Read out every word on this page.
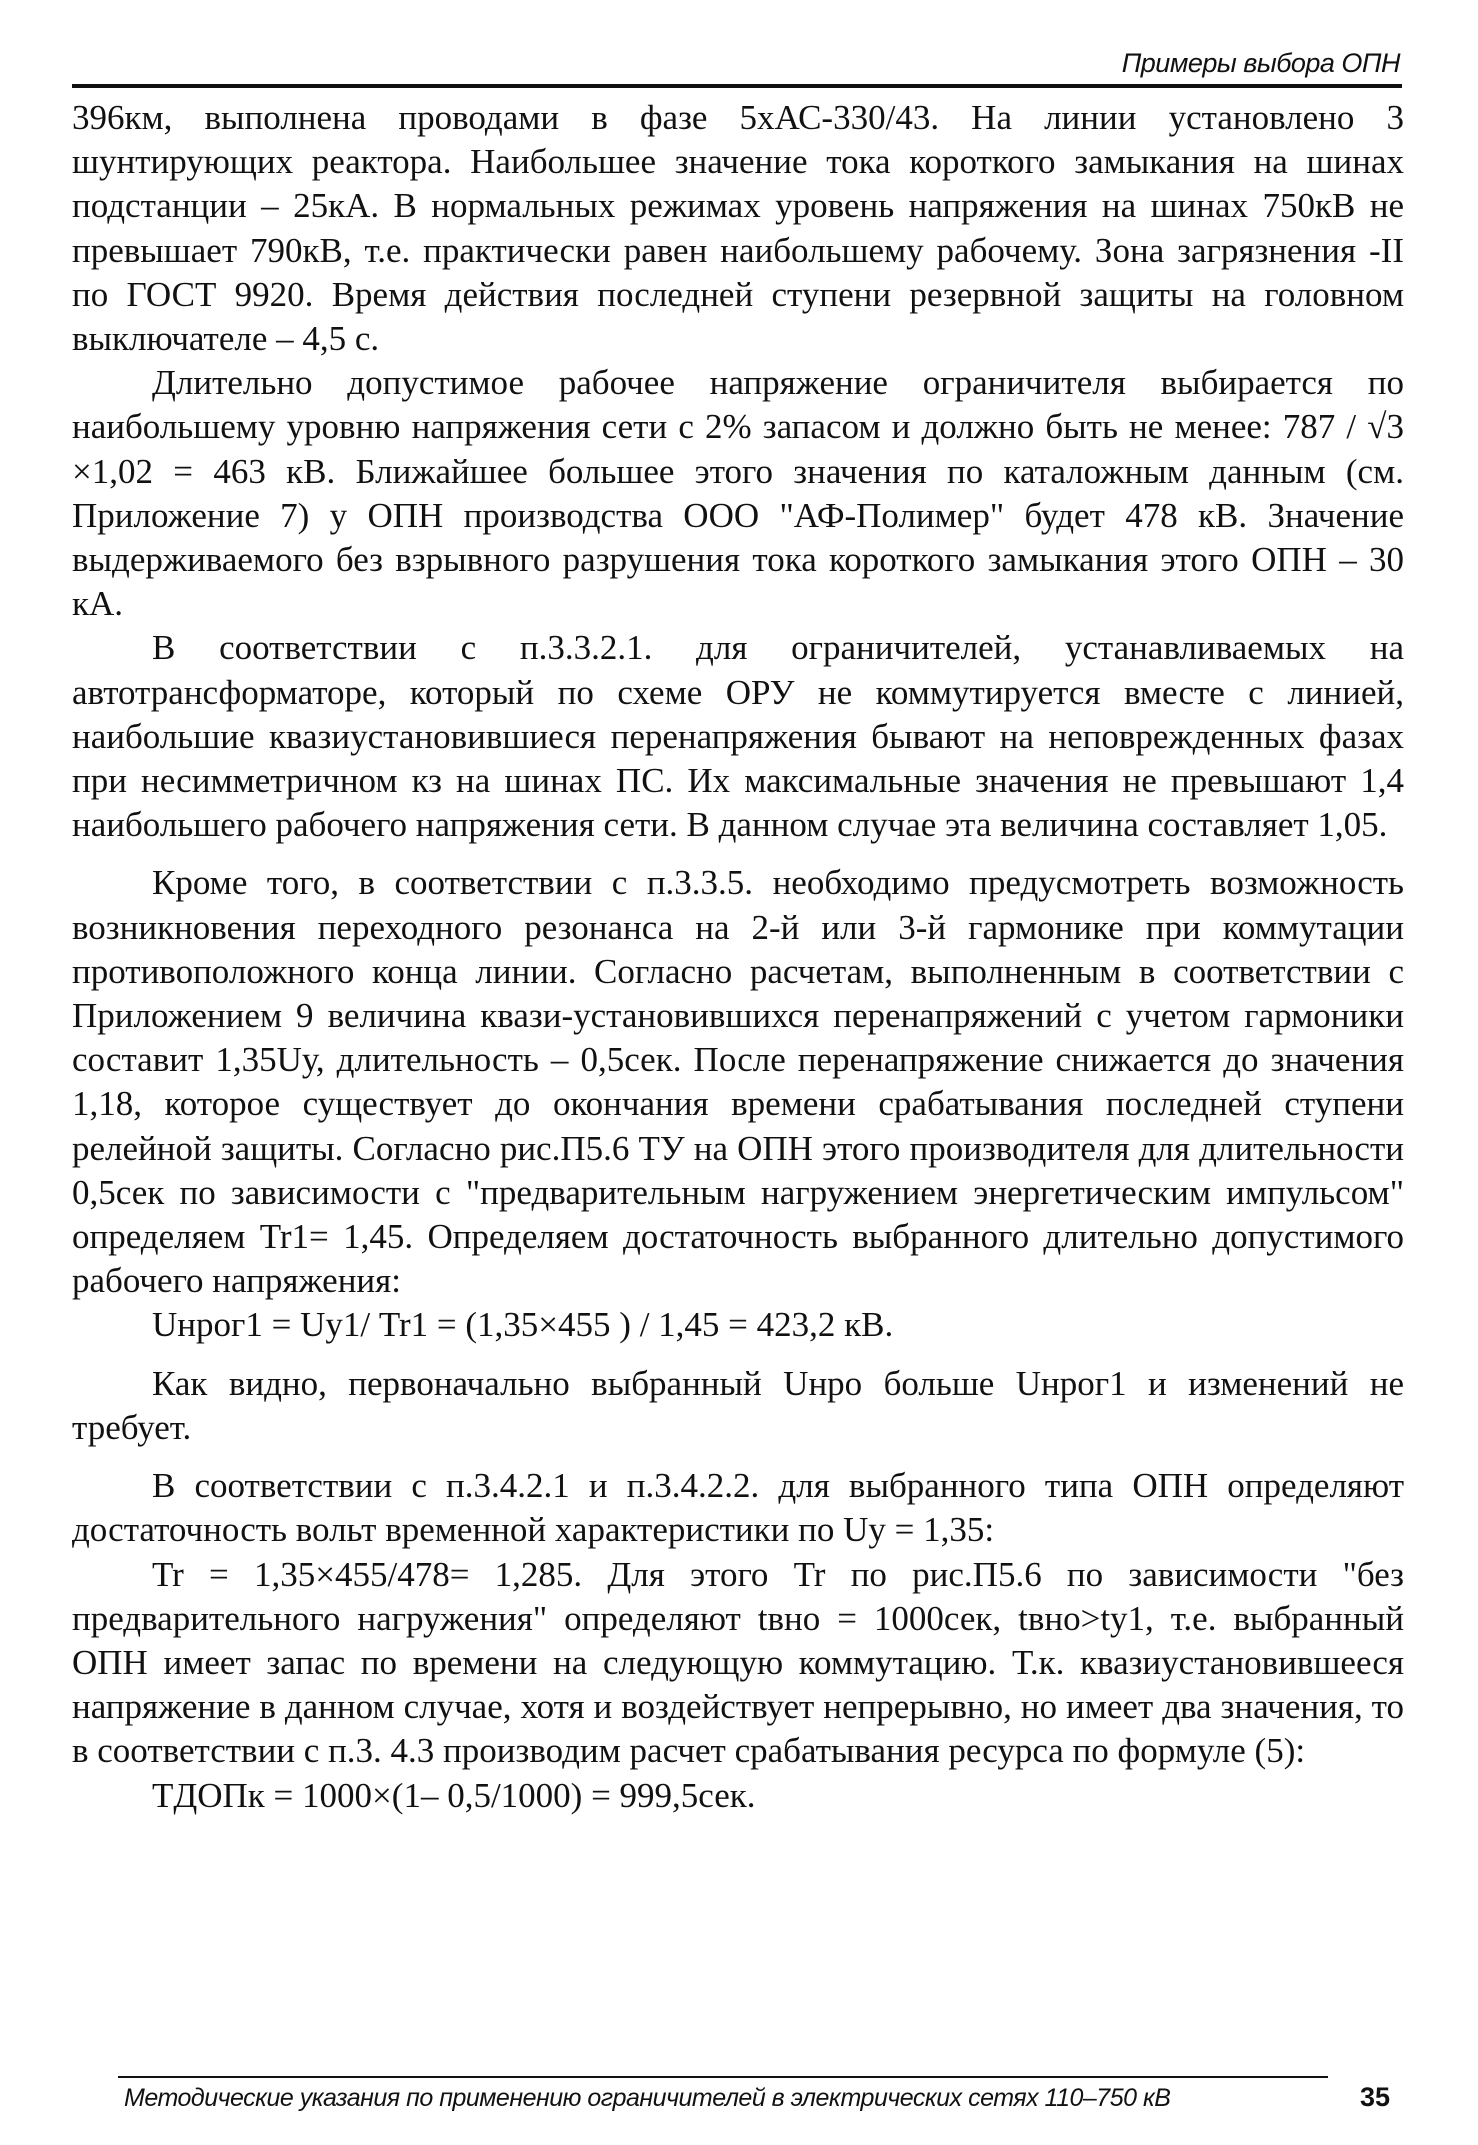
Примеры выбора ОПН

396км, выполнена проводами в фазе 5хАС-330/43. На линии установлено 3 шунтирующих реактора. Наибольшее значение тока короткого замыкания на шинах подстанции – 25кА. В нормальных режимах уровень напряжения на шинах 750кВ не превышает 790кВ, т.е. практически равен наибольшему рабочему. Зона загрязнения -II по ГОСТ 9920. Время действия последней ступени резервной защиты на головном выключателе – 4,5 с.

Длительно допустимое рабочее напряжение ограничителя выбирается по наибольшему уровню напряжения сети с 2% запасом и должно быть не менее: 787 / √3 ×1,02 = 463 кВ. Ближайшее большее этого значения по каталожным данным (см. Приложение 7) у ОПН производства ООО "АФ-Полимер" будет 478 кВ. Значение выдерживаемого без взрывного разрушения тока короткого замыкания этого ОПН – 30 кА.

В соответствии с п.3.3.2.1. для ограничителей, устанавливаемых на автотрансформаторе, который по схеме ОРУ не коммутируется вместе с линией, наибольшие квазиустановившиеся перенапряжения бывают на неповрежденных фазах при несимметричном кз на шинах ПС. Их максимальные значения не превышают 1,4 наибольшего рабочего напряжения сети. В данном случае эта величина составляет 1,05.

Кроме того, в соответствии с п.3.3.5. необходимо предусмотреть возможность возникновения переходного резонанса на 2-й или 3-й гармонике при коммутации противоположного конца линии. Согласно расчетам, выполненным в соответствии с Приложением 9 величина квази-установившихся перенапряжений с учетом гармоники составит 1,35Uу, длительность – 0,5сек. После перенапряжение снижается до значения 1,18, которое существует до окончания времени срабатывания последней ступени релейной защиты. Согласно рис.П5.6 ТУ на ОПН этого производителя для длительности 0,5сек по зависимости с "предварительным нагружением энергетическим импульсом" определяем Tr1= 1,45. Определяем достаточность выбранного длительно допустимого рабочего напряжения:

Uнрог1 = Uу1/ Tr1 = (1,35×455 ) / 1,45 = 423,2 кВ.

Как видно, первоначально выбранный Uнро больше Uнрог1 и изменений не требует.

В соответствии с п.3.4.2.1 и п.3.4.2.2. для выбранного типа ОПН определяют достаточность вольт временной характеристики по Uу = 1,35:

Tr = 1,35×455/478= 1,285. Для этого Tr по рис.П5.6 по зависимости "без предварительного нагружения" определяют tвно = 1000сек, tвно>tу1, т.е. выбранный ОПН имеет запас по времени на следующую коммутацию. Т.к. квазиустановившееся напряжение в данном случае, хотя и воздействует непрерывно, но имеет два значения, то в соответствии с п.3. 4.3 производим расчет срабатывания ресурса по формуле (5):

TДОПк = 1000×(1– 0,5/1000) = 999,5сек.

Методические указания по применению ограничителей в электрических сетях 110–750 кВ	35
